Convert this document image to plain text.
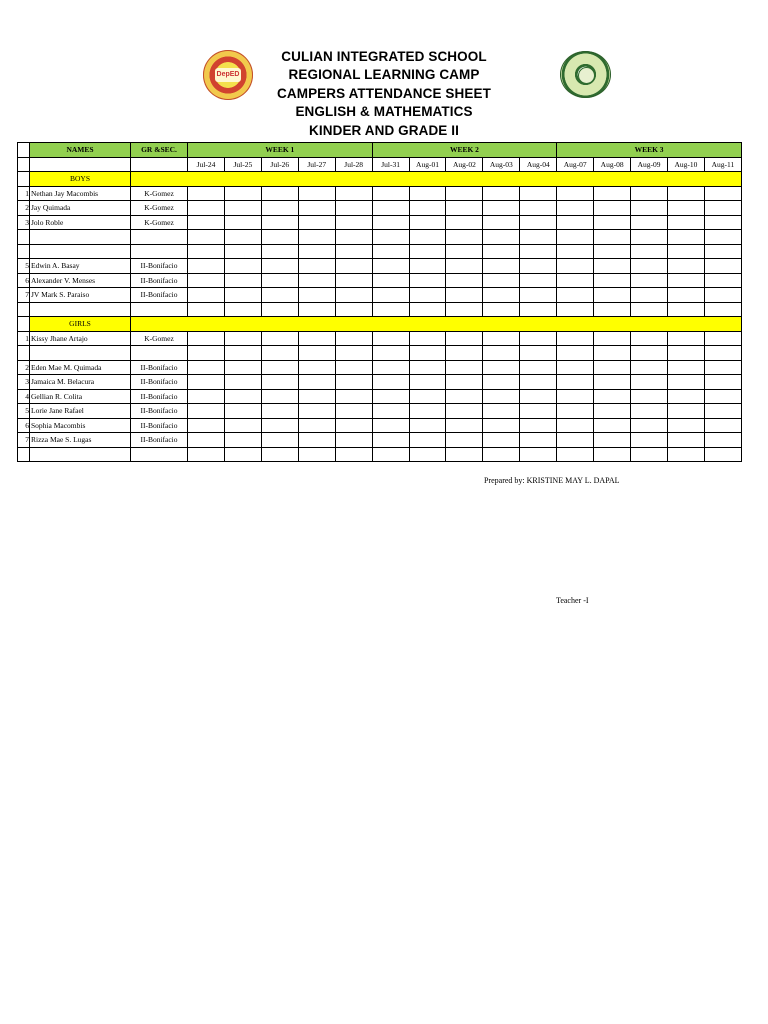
CULIAN INTEGRATED SCHOOL
REGIONAL LEARNING CAMP
CAMPERS ATTENDANCE SHEET
ENGLISH & MATHEMATICS
KINDER AND GRADE II
DepED
	NAMES	GR &SEC.	WEEK 1					WEEK 2					WEEK 3				
			Jul-24	Jul-25	Jul-26	Jul-27	Jul-28	Jul-31	Aug-01	Aug-02	Aug-03	Aug-04	Aug-07	Aug-08	Aug-09	Aug-10	Aug-11
	BOYS																
1	Nethan Jay Macombis	K-Gomez															
2	Jay Quimada	K-Gomez															
3	Jolo Roble	K-Gomez															

5	Edwin A. Basay	II-Bonifacio															
6	Alexander V. Menses	II-Bonifacio															
7	JV Mark S. Paraiso	II-Bonifacio															

	GIRLS																
1	Kissy Jhane Artajo	K-Gomez															

2	Eden Mae M. Quimada	II-Bonifacio															
3	Jamaica M. Belacura	II-Bonifacio															
4	Gellian R. Colita	II-Bonifacio															
5	Lorie Jane Rafael	II-Bonifacio															
6	Sophia Macombis	II-Bonifacio															
7	Rizza Mae S. Lugas	II-Bonifacio															

Prepared by: KRISTINE MAY L. DAPAL
Teacher -I
